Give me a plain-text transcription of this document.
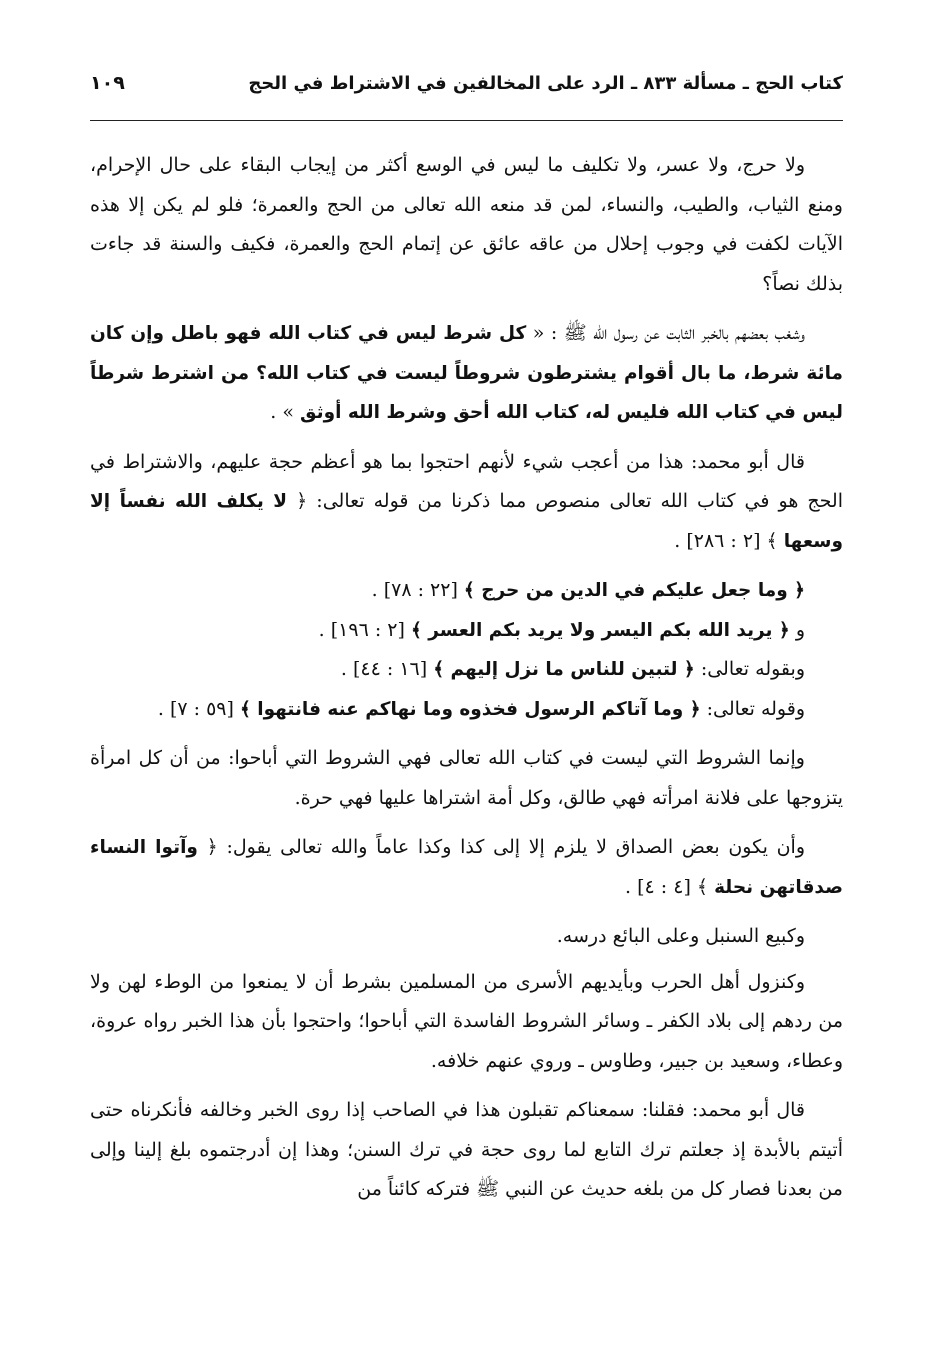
كتاب الحج ـ مسألة ٨٣٣ ـ الرد على المخالفين في الاشتراط في الحج
١٠٩

ولا حرج، ولا عسر، ولا تكليف ما ليس في الوسع أكثر من إيجاب البقاء على حال الإحرام، ومنع الثياب، والطيب، والنساء، لمن قد منعه الله تعالى من الحج والعمرة؛ فلو لم يكن إلا هذه الآيات لكفت في وجوب إحلال من عاقه عائق عن إتمام الحج والعمرة، فكيف والسنة قد جاءت بذلك نصاً؟

وشغب بعضهم بالخبر الثابت عن رسول الله ﷺ : « كل شرط ليس في كتاب الله فهو باطل وإن كان مائة شرط، ما بال أقوام يشترطون شروطاً ليست في كتاب الله؟ من اشترط شرطاً ليس في كتاب الله فليس له، كتاب الله أحق وشرط الله أوثق » .

قال أبو محمد: هذا من أعجب شيء لأنهم احتجوا بما هو أعظم حجة عليهم، والاشتراط في الحج هو في كتاب الله تعالى منصوص مما ذكرنا من قوله تعالى: ﴿ لا يكلف الله نفساً إلا وسعها ﴾ [٢ : ٢٨٦] .

﴿ وما جعل عليكم في الدين من حرج ﴾ [٢٢ : ٧٨] .

و ﴿ يريد الله بكم اليسر ولا يريد بكم العسر ﴾ [٢ : ١٩٦] .

وبقوله تعالى: ﴿ لتبين للناس ما نزل إليهم ﴾ [١٦ : ٤٤] .

وقوله تعالى: ﴿ وما آتاكم الرسول فخذوه وما نهاكم عنه فانتهوا ﴾ [٥٩ : ٧] .

وإنما الشروط التي ليست في كتاب الله تعالى فهي الشروط التي أباحوا: من أن كل امرأة يتزوجها على فلانة امرأته فهي طالق، وكل أمة اشتراها عليها فهي حرة.

وأن يكون بعض الصداق لا يلزم إلا إلى كذا وكذا عاماً والله تعالى يقول: ﴿ وآتوا النساء صدقاتهن نحلة ﴾ [٤ : ٤] .

وكبيع السنبل وعلى البائع درسه.

وكنزول أهل الحرب وبأيديهم الأسرى من المسلمين بشرط أن لا يمنعوا من الوطء لهن ولا من ردهم إلى بلاد الكفر ـ وسائر الشروط الفاسدة التي أباحوا؛ واحتجوا بأن هذا الخبر رواه عروة، وعطاء، وسعيد بن جبير، وطاوس ـ وروي عنهم خلافه.

قال أبو محمد: فقلنا: سمعناكم تقبلون هذا في الصاحب إذا روى الخبر وخالفه فأنكرناه حتى أتيتم بالأبدة إذ جعلتم ترك التابع لما روى حجة في ترك السنن؛ وهذا إن أدرجتموه بلغ إلينا وإلى من بعدنا فصار كل من بلغه حديث عن النبي ﷺ فتركه كائناً من
